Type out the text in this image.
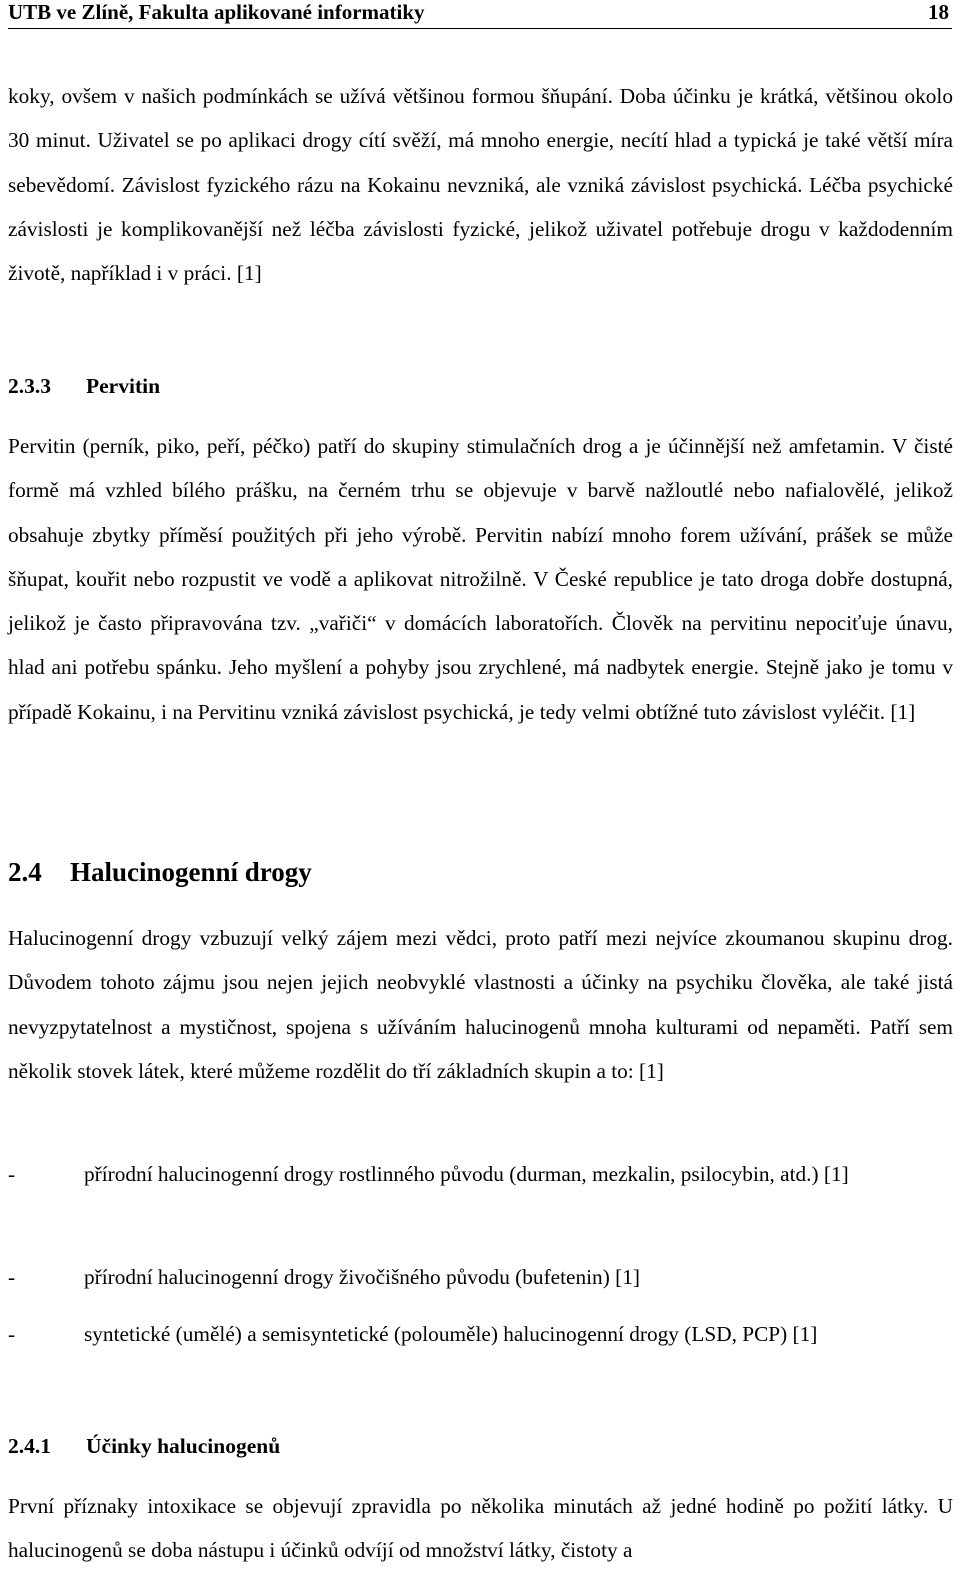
UTB ve Zlíně, Fakulta aplikované informatiky	18
koky, ovšem v našich podmínkách se užívá většinou formou šňupání. Doba účinku je krátká, většinou okolo 30 minut. Uživatel se po aplikaci drogy cítí svěží, má mnoho energie, necítí hlad a typická je také větší míra sebevědomí. Závislost fyzického rázu na Kokainu nevzniká, ale vzniká závislost psychická. Léčba psychické závislosti je komplikovanější než léčba závislosti fyzické, jelikož uživatel potřebuje drogu v každodenním životě, například i v práci. [1]
2.3.3 Pervitin
Pervitin (perník, piko, peří, péčko) patří do skupiny stimulačních drog a je účinnější než amfetamin. V čisté formě má vzhled bílého prášku, na černém trhu se objevuje v barvě nažloutlé nebo nafialovělé, jelikož obsahuje zbytky příměsí použitých při jeho výrobě. Pervitin nabízí mnoho forem užívání, prášek se může šňupat, kouřit nebo rozpustit ve vodě a aplikovat nitrožilně. V České republice je tato droga dobře dostupná, jelikož je často připravována tzv. „vařiči“ v domácích laboratořích. Člověk na pervitinu nepociťuje únavu, hlad ani potřebu spánku. Jeho myšlení a pohyby jsou zrychlené, má nadbytek energie. Stejně jako je tomu v případě Kokainu, i na Pervitinu vzniká závislost psychická, je tedy velmi obtížné tuto závislost vyléčit. [1]
2.4 Halucinogenní drogy
Halucinogenní drogy vzbuzují velký zájem mezi vědci, proto patří mezi nejvíce zkoumanou skupinu drog. Důvodem tohoto zájmu jsou nejen jejich neobvyklé vlastnosti a účinky na psychiku člověka, ale také jistá nevyzpytatelnost a mystičnost, spojena s užíváním halucinogenů mnoha kulturami od nepaměti. Patří sem několik stovek látek, které můžeme rozdělit do tří základních skupin a to: [1]
-	přírodní halucinogenní drogy rostlinného původu (durman, mezkalin, psilocybin, atd.) [1]
-	přírodní halucinogenní drogy živočišného původu (bufetenin) [1]
-	syntetické (umělé) a semisyntetické (polouměle) halucinogenní drogy (LSD, PCP) [1]
2.4.1 Účinky halucinogenů
První příznaky intoxikace se objevují zpravidla po několika minutách až jedné hodině po požití látky. U halucinogenů se doba nástupu i účinků odvíjí od množství látky, čistoty a
